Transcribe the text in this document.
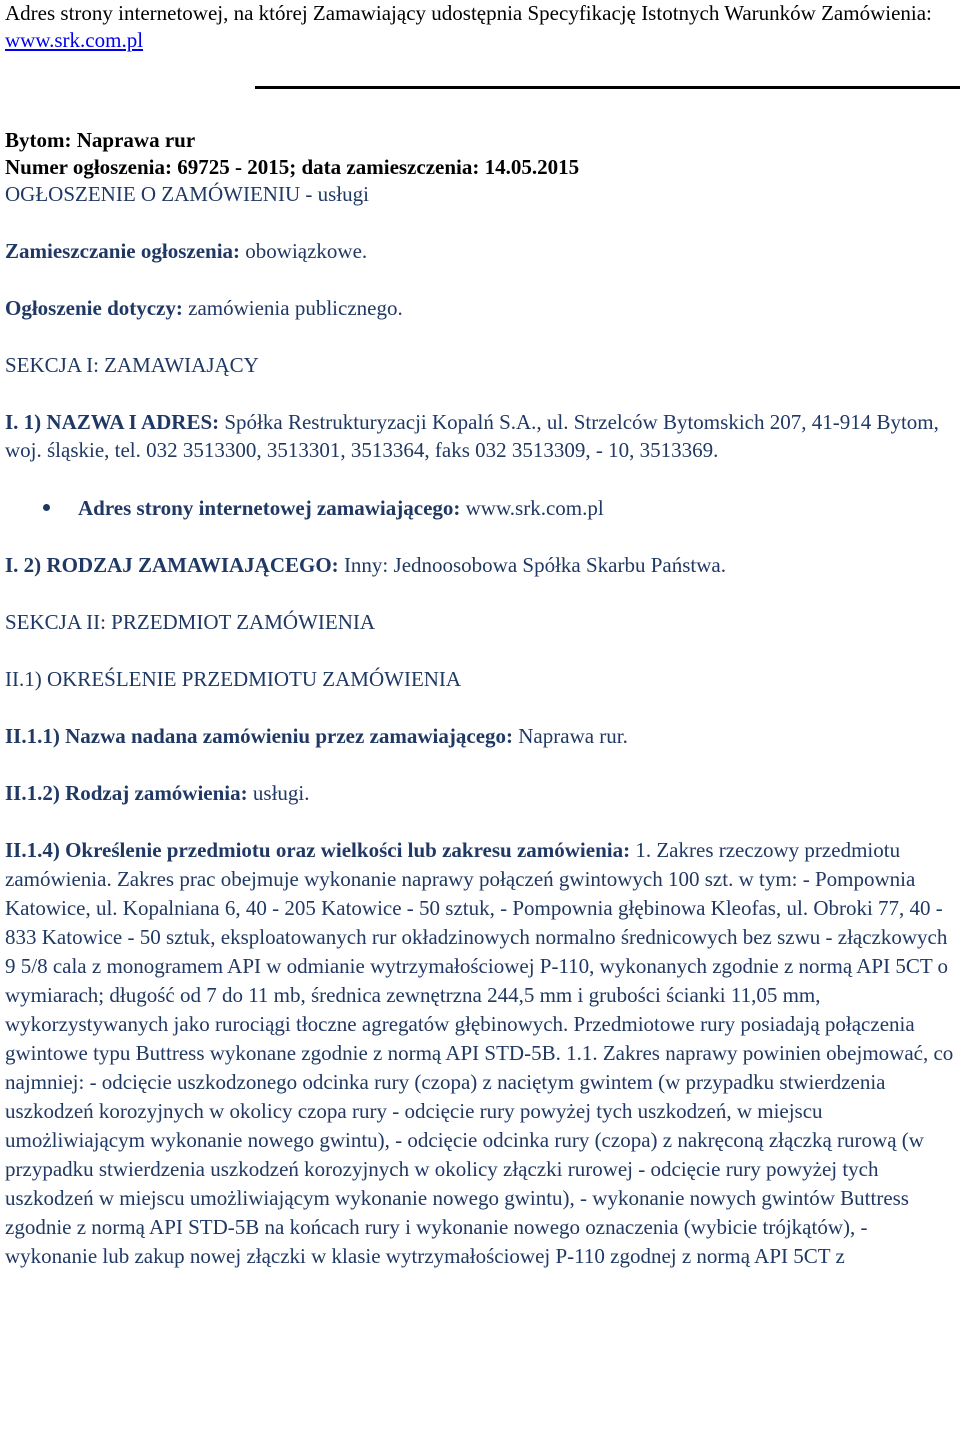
Adres strony internetowej, na której Zamawiający udostępnia Specyfikację Istotnych Warunków Zamówienia:

www.srk.com.pl
Bytom: Naprawa rur
Numer ogłoszenia: 69725 - 2015; data zamieszczenia: 14.05.2015
OGŁOSZENIE O ZAMÓWIENIU - usługi
Zamieszczanie ogłoszenia: obowiązkowe.
Ogłoszenie dotyczy: zamówienia publicznego.
SEKCJA I: ZAMAWIAJĄCY
I. 1) NAZWA I ADRES: Spółka Restrukturyzacji Kopalń S.A., ul. Strzelców Bytomskich 207, 41-914 Bytom, woj. śląskie, tel. 032 3513300, 3513301, 3513364, faks 032 3513309, - 10, 3513369.
Adres strony internetowej zamawiającego: www.srk.com.pl
I. 2) RODZAJ ZAMAWIAJĄCEGO: Inny: Jednoosobowa Spółka Skarbu Państwa.
SEKCJA II: PRZEDMIOT ZAMÓWIENIA
II.1) OKREŚLENIE PRZEDMIOTU ZAMÓWIENIA
II.1.1) Nazwa nadana zamówieniu przez zamawiającego: Naprawa rur.
II.1.2) Rodzaj zamówienia: usługi.
II.1.4) Określenie przedmiotu oraz wielkości lub zakresu zamówienia: 1. Zakres rzeczowy przedmiotu zamówienia. Zakres prac obejmuje wykonanie naprawy połączeń gwintowych 100 szt. w tym: - Pompownia Katowice, ul. Kopalniana 6, 40 - 205 Katowice - 50 sztuk, - Pompownia głębinowa Kleofas, ul. Obroki 77, 40 - 833 Katowice - 50 sztuk, eksploatowanych rur okładzinowych normalno średnicowych bez szwu - złączkowych 9 5/8 cala z monogramem API w odmianie wytrzymałościowej P-110, wykonanych zgodnie z normą API 5CT o wymiarach; długość od 7 do 11 mb, średnica zewnętrzna 244,5 mm i grubości ścianki 11,05 mm, wykorzystywanych jako rurociągi tłoczne agregatów głębinowych. Przedmiotowe rury posiadają połączenia gwintowe typu Buttress wykonane zgodnie z normą API STD-5B. 1.1. Zakres naprawy powinien obejmować, co najmniej: - odcięcie uszkodzonego odcinka rury (czopa) z naciętym gwintem (w przypadku stwierdzenia uszkodzeń korozyjnych w okolicy czopa rury - odcięcie rury powyżej tych uszkodzeń, w miejscu umożliwiającym wykonanie nowego gwintu), - odcięcie odcinka rury (czopa) z nakręconą złączką rurową (w przypadku stwierdzenia uszkodzeń korozyjnych w okolicy złączki rurowej - odcięcie rury powyżej tych uszkodzeń w miejscu umożliwiającym wykonanie nowego gwintu), - wykonanie nowych gwintów Buttress zgodnie z normą API STD-5B na końcach rury i wykonanie nowego oznaczenia (wybicie trójkątów), - wykonanie lub zakup nowej złączki w klasie wytrzymałościowej P-110 zgodnej z normą API 5CT z
